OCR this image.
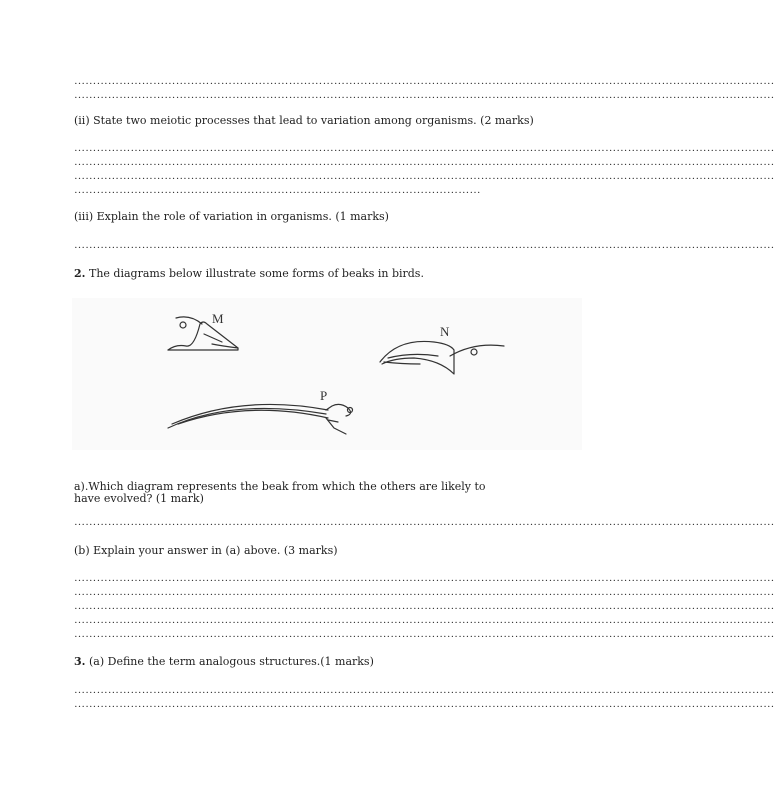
……………………………………………………………………………………………………………………………………………………………………
……………………………………………………………………………………………………………………………………………………………………
(ii) State two meiotic processes that lead to variation among organisms. (2 marks)
……………………………………………………………………………………………………………………………………………………………………
……………………………………………………………………………………………………………………………………………………………………
……………………………………………………………………………………………………………………………………………………………………
………………………………………………………………………………………………
(iii) Explain the role of variation in organisms. (1 marks)
……………………………………………………………………………………………………………………………………………………………………
2. The diagrams below illustrate some forms of beaks in birds.
M
N
P
a).Which diagram represents the beak from which the others are likely to have evolved? (1 mark)
……………………………………………………………………………………………………………………………………………………………………
(b) Explain your answer in (a) above. (3 marks)
……………………………………………………………………………………………………………………………………………………………………
……………………………………………………………………………………………………………………………………………………………………
……………………………………………………………………………………………………………………………………………………………………
……………………………………………………………………………………………………………………………………………………………………
……………………………………………………………………………………………………………………………………………………………………
3. (a) Define the term analogous structures.(1 marks)
……………………………………………………………………………………………………………………………………………………………………
……………………………………………………………………………………………………………………………………………………………………
